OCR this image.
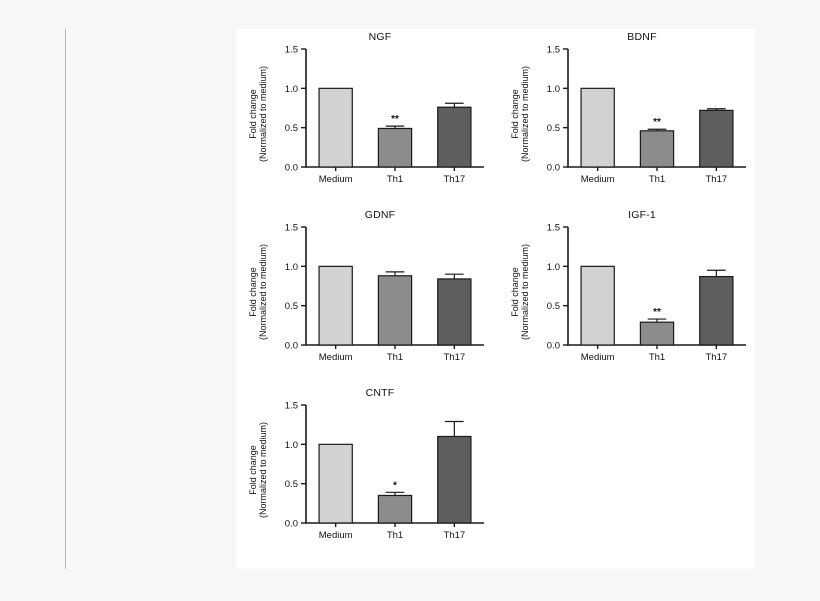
NGF
Fold change (Normalized to medium)
0.0
0.5
1.0
1.5
Medium
**
Th1	Th17
BDNF
Fold change (Normalized to medium)
0.0
0.5
1.0
1.5
Medium
**
Th1	Th17
GDNF
Fold change (Normalized to medium)
0.0
0.5
1.0
1.5
Medium	Th1	Th17
IGF-1
Fold change (Normalized to medium)
0.0
0.5
1.0
1.5
Medium
**
Th1	Th17
CNTF
Fold change (Normalized to medium)
0.0
0.5
1.0
1.5
Medium
*
Th1	Th17
